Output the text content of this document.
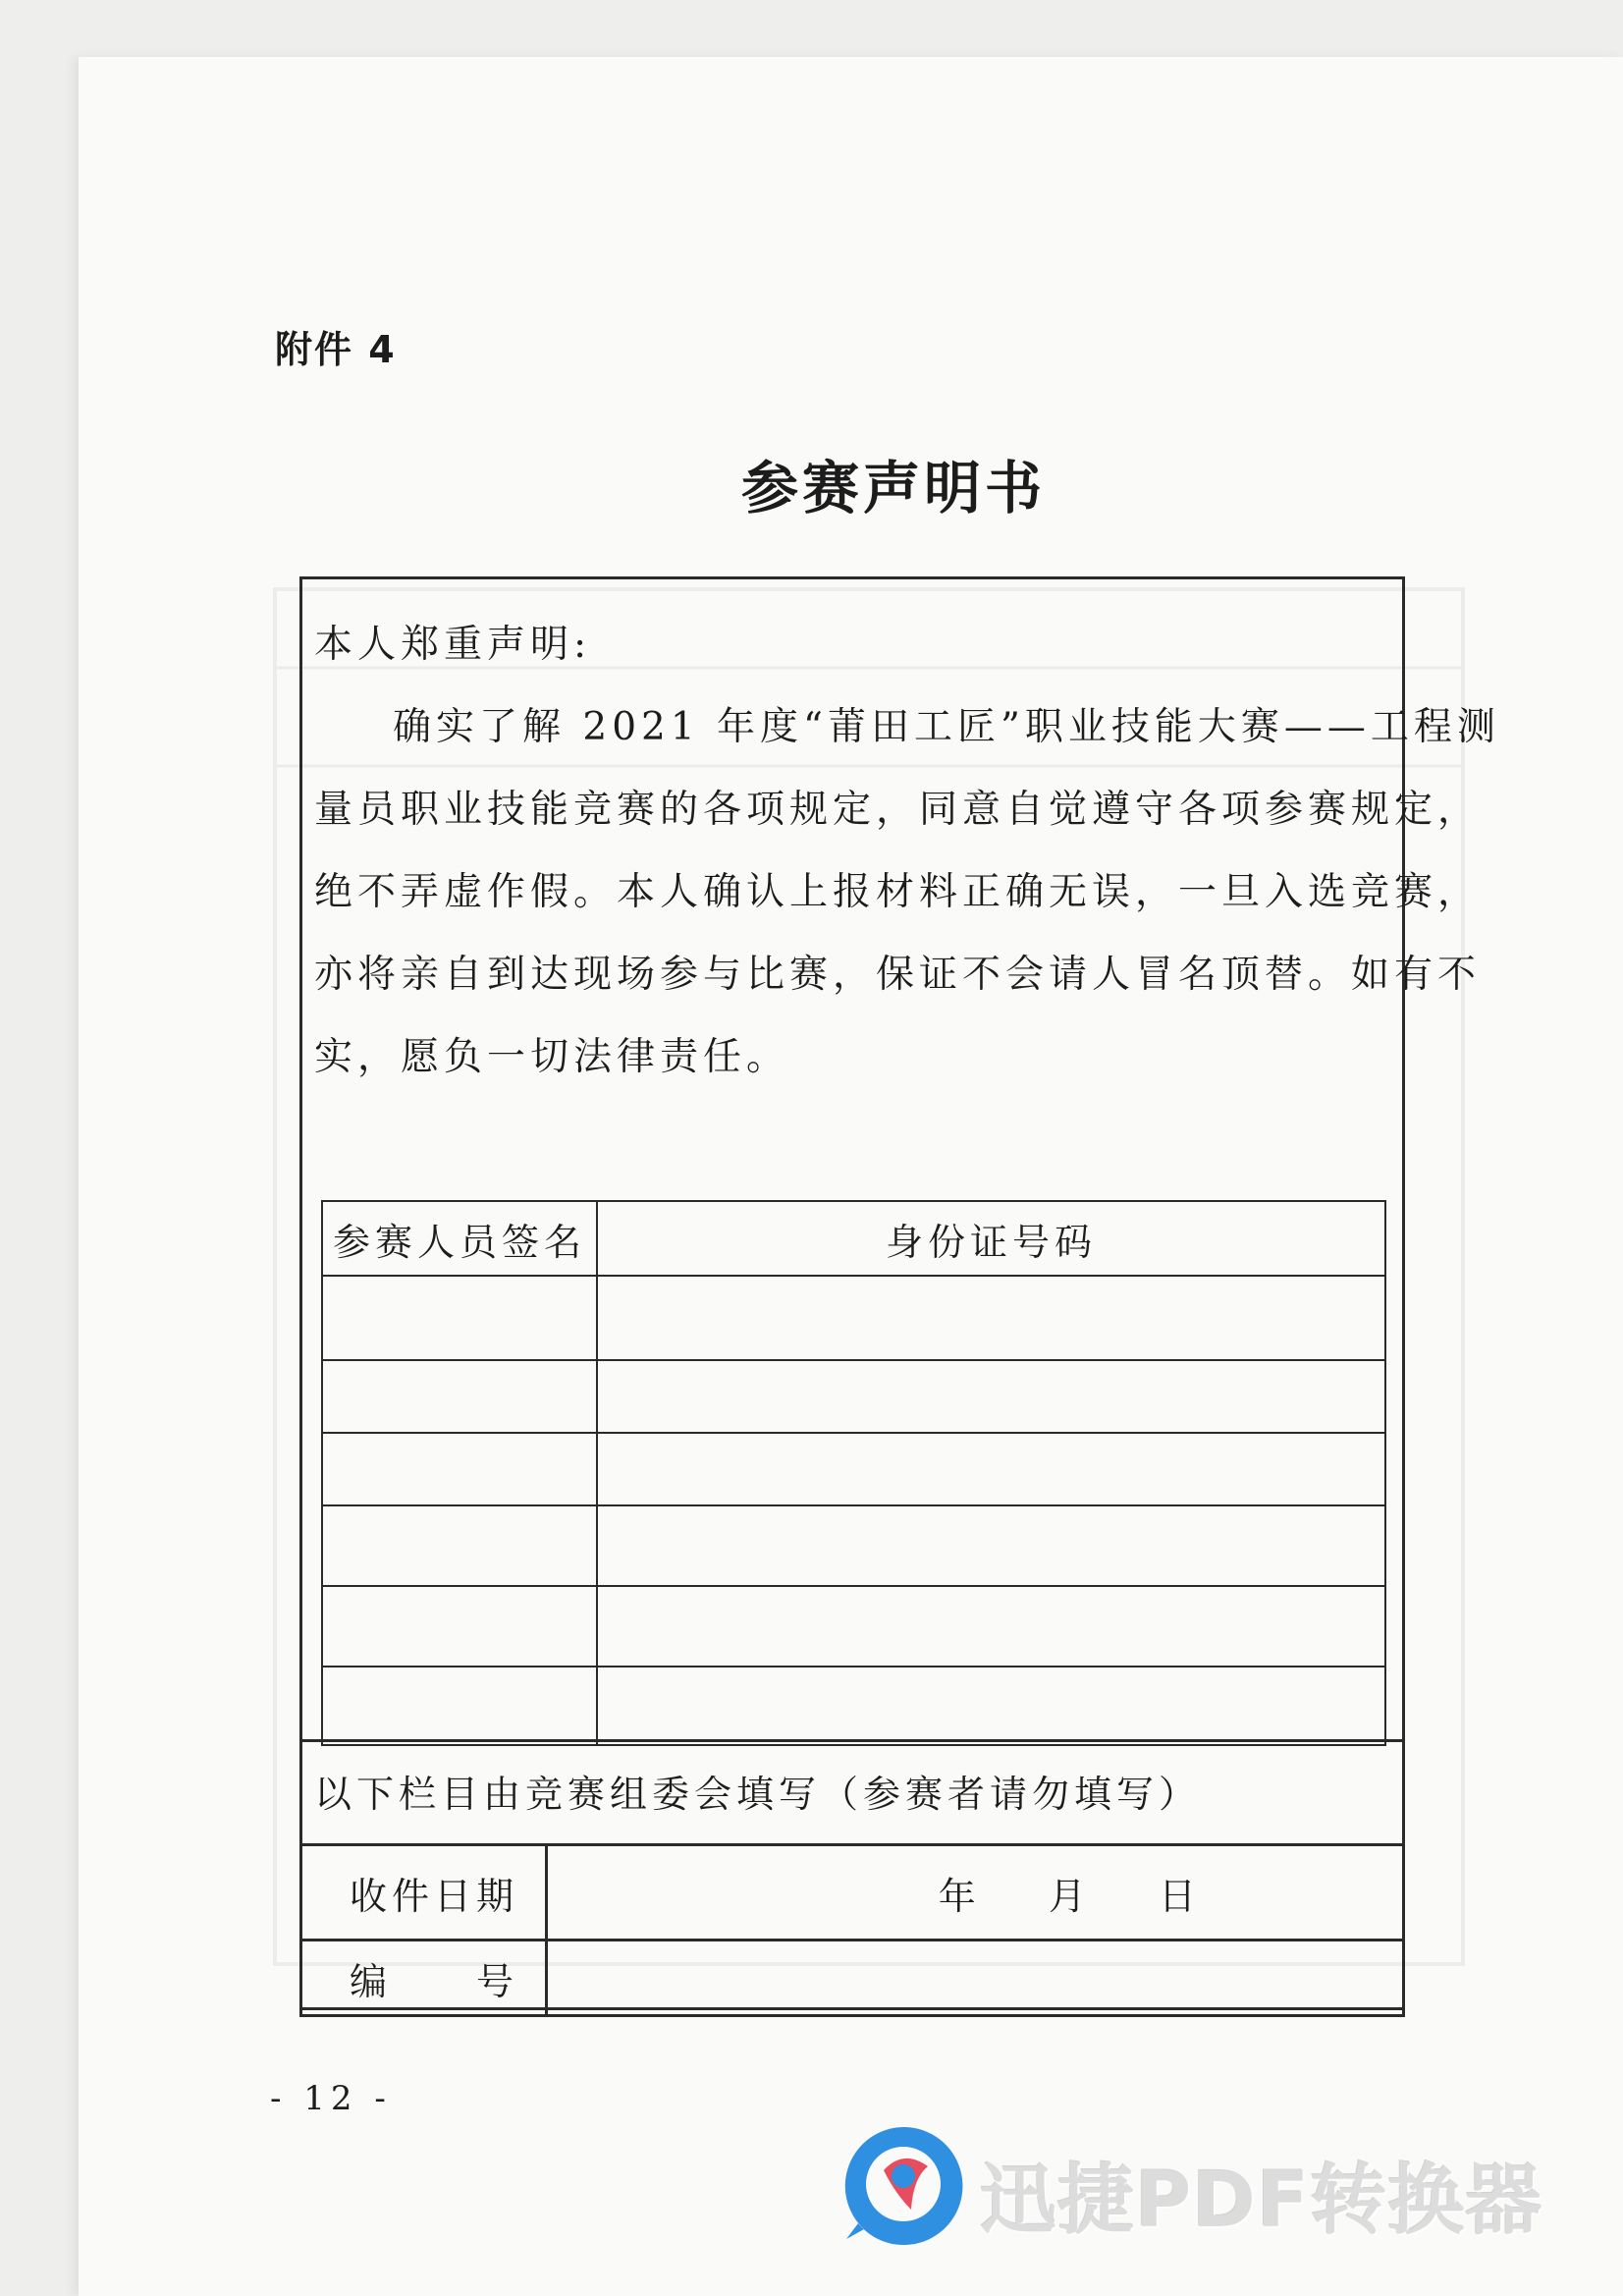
附件 4
参赛声明书
本人郑重声明:
确实了解 2021 年度“莆田工匠”职业技能大赛——工程测
量员职业技能竞赛的各项规定，同意自觉遵守各项参赛规定，
绝不弄虚作假。本人确认上报材料正确无误，一旦入选竞赛，
亦将亲自到达现场参与比赛，保证不会请人冒名顶替。如有不
实，愿负一切法律责任。
参赛人员签名	身份证号码

以下栏目由竞赛组委会填写（参赛者请勿填写）
收件日期	年 月 日
编　　号	
- 12 -
迅捷PDF转换器
